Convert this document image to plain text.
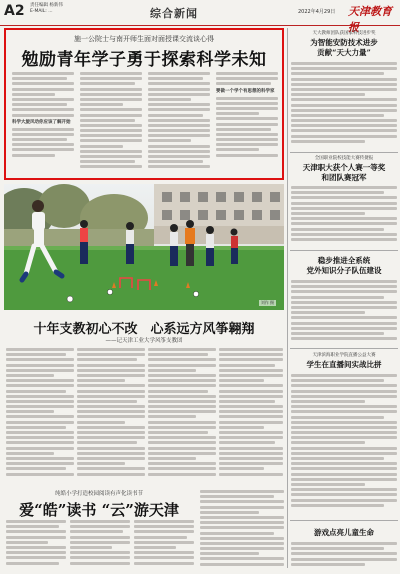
A2 责任编辑 杨新伟
E-MAIL: ...	综合新闻	2022年4月29日 天津教育报
施一公院士与南开师生面对面授课交流谈心得
勉励青年学子勇于探索科学未知
科学大旋风动你应该了解开始
要做一个学个有思想的科学家
刘作 摄
十年支教初心不改　心系远方风筝翱翔
——记天津工业大学风筝支教团
纯皓小学打造校园阅读有声化读书节
爱“皓”读书 “云”游天津
天大教师团队获国家科技进步奖
为智能安防技术进步
贡献“天大力量”
全国职业院校技能大赛传捷报
天津职大获个人赛一等奖
和团队赛冠军
稳步推进全系统
党外知识分子队伍建设
天津滨海职业学院直播公益大赛
学生在直播间实战比拼
游戏点亮儿童生命
